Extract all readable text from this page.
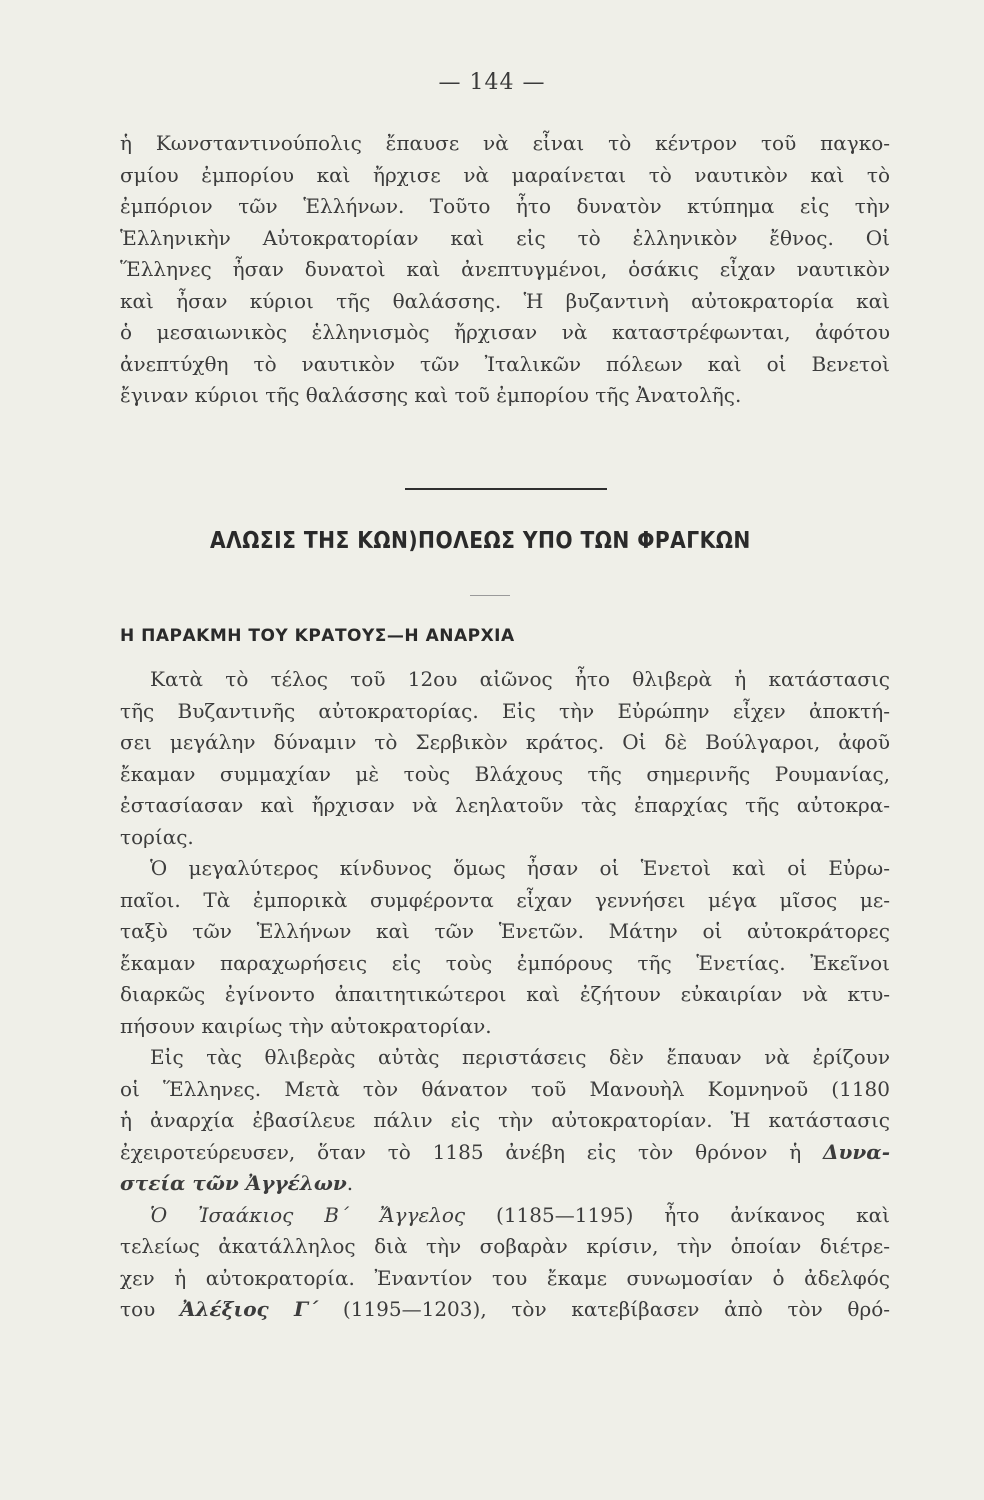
— 144 —
ἡ Κωνσταντινούπολις ἔπαυσε νὰ εἶναι τὸ κέντρον τοῦ παγκο-
σμίου ἐμπορίου καὶ ἤρχισε νὰ μαραίνεται τὸ ναυτικὸν καὶ τὸ
ἐμπόριον τῶν Ἑλλήνων. Τοῦτο ἦτο δυνατὸν κτύπημα εἰς τὴν
Ἑλληνικὴν Αὐτοκρατορίαν καὶ εἰς τὸ ἑλληνικὸν ἔθνος. Οἱ
Ἕλληνες ἦσαν δυνατοὶ καὶ ἀνεπτυγμένοι, ὁσάκις εἶχαν ναυτικὸν
καὶ ἦσαν κύριοι τῆς θαλάσσης. Ἡ βυζαντινὴ αὐτοκρατορία καὶ
ὁ μεσαιωνικὸς ἑλληνισμὸς ἤρχισαν νὰ καταστρέφωνται, ἀφότου
ἀνεπτύχθη τὸ ναυτικὸν τῶν Ἰταλικῶν πόλεων καὶ οἱ Βενετοὶ
ἔγιναν κύριοι τῆς θαλάσσης καὶ τοῦ ἐμπορίου τῆς Ἀνατολῆς.
ΑΛΩΣΙΣ ΤΗΣ ΚΩΝ)ΠΟΛΕΩΣ ΥΠΟ ΤΩΝ ΦΡΑΓΚΩΝ
Η ΠΑΡΑΚΜΗ ΤΟΥ ΚΡΑΤΟΥΣ—Η ΑΝΑΡΧΙΑ
Κατὰ τὸ τέλος τοῦ 12ου αἰῶνος ἦτο θλιβερὰ ἡ κατάστασις
τῆς Βυζαντινῆς αὐτοκρατορίας. Εἰς τὴν Εὐρώπην εἶχεν ἀποκτή-
σει μεγάλην δύναμιν τὸ Σερβικὸν κράτος. Οἱ δὲ Βούλγαροι, ἀφοῦ
ἔκαμαν συμμαχίαν μὲ τοὺς Βλάχους τῆς σημερινῆς Ρουμανίας,
ἐστασίασαν καὶ ἤρχισαν νὰ λεηλατοῦν τὰς ἐπαρχίας τῆς αὐτοκρα-
τορίας.
Ὁ μεγαλύτερος κίνδυνος ὅμως ἦσαν οἱ Ἑνετοὶ καὶ οἱ Εὐρω-
παῖοι. Τὰ ἐμπορικὰ συμφέροντα εἶχαν γεννήσει μέγα μῖσος με-
ταξὺ τῶν Ἑλλήνων καὶ τῶν Ἑνετῶν. Μάτην οἱ αὐτοκράτορες
ἔκαμαν παραχωρήσεις εἰς τοὺς ἐμπόρους τῆς Ἑνετίας. Ἐκεῖνοι
διαρκῶς ἐγίνοντο ἀπαιτητικώτεροι καὶ ἐζήτουν εὐκαιρίαν νὰ κτυ-
πήσουν καιρίως τὴν αὐτοκρατορίαν.
Εἰς τὰς θλιβερὰς αὐτὰς περιστάσεις δὲν ἔπαυαν νὰ ἐρίζουν
οἱ Ἕλληνες. Μετὰ τὸν θάνατον τοῦ Μανουὴλ Κομνηνοῦ (1180
ἡ ἀναρχία ἐβασίλευε πάλιν εἰς τὴν αὐτοκρατορίαν. Ἡ κατάστασις
ἐχειροτεύρευσεν, ὅταν τὸ 1185 ἀνέβη εἰς τὸν θρόνον ἡ Δυνα-
στεία τῶν Ἀγγέλων.
Ὁ Ἰσαάκιος Β΄ Ἄγγελος (1185—1195) ἦτο ἀνίκανος καὶ
τελείως ἀκατάλληλος διὰ τὴν σοβαρὰν κρίσιν, τὴν ὁποίαν διέτρε-
χεν ἡ αὐτοκρατορία. Ἐναντίον του ἔκαμε συνωμοσίαν ὁ ἀδελφός
του Ἀλέξιος Γ΄ (1195—1203), τὸν κατεβίβασεν ἀπὸ τὸν θρό-
